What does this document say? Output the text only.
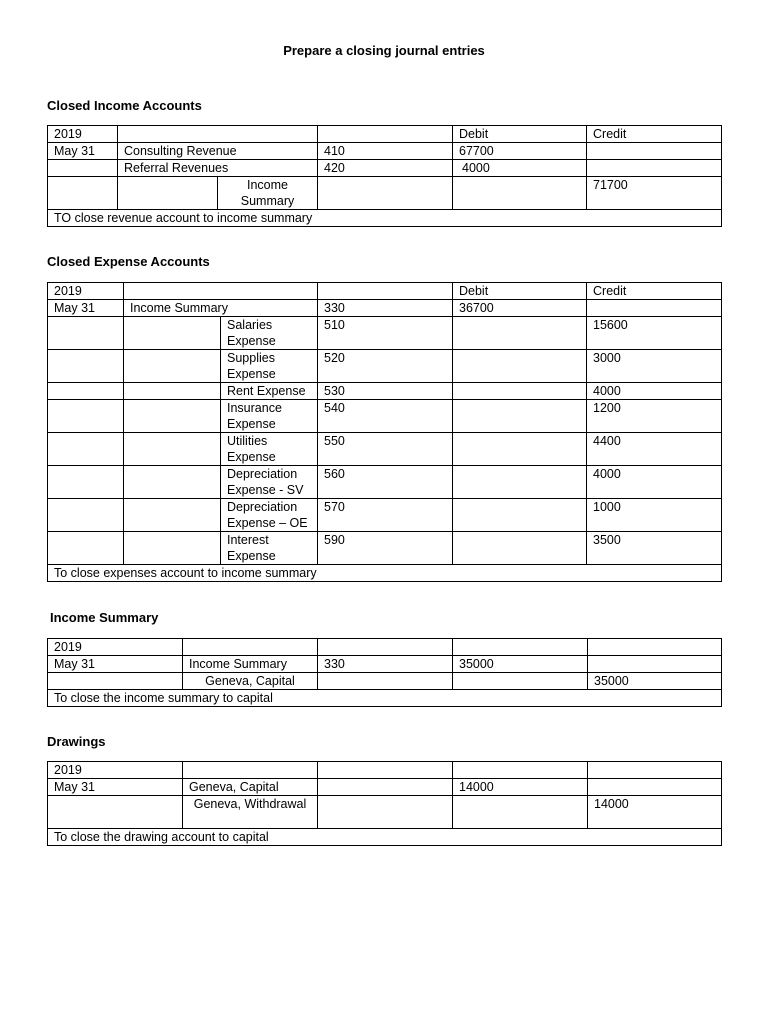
Prepare a closing journal entries
Closed Income Accounts
2019				Debit	Credit
May 31	Consulting Revenue		410	67700	
	Referral Revenues		420	4000	
		Income Summary			71700
TO close revenue account to income summary					
Closed Expense Accounts
2019				Debit	Credit
May 31	Income Summary		330	36700	
		Salaries Expense	510		15600
		Supplies Expense	520		3000
		Rent Expense	530		4000
		Insurance Expense	540		1200
		Utilities Expense	550		4400
		Depreciation Expense - SV	560		4000
		Depreciation Expense – OE	570		1000
		Interest Expense	590		3500
To close expenses account to income summary					
Income Summary
2019				
May 31	Income Summary	330	35000	
	Geneva, Capital			35000
To close the income summary to capital				
Drawings
2019				
May 31	Geneva, Capital		14000	
	Geneva, Withdrawal			14000
To close the drawing account to capital				
